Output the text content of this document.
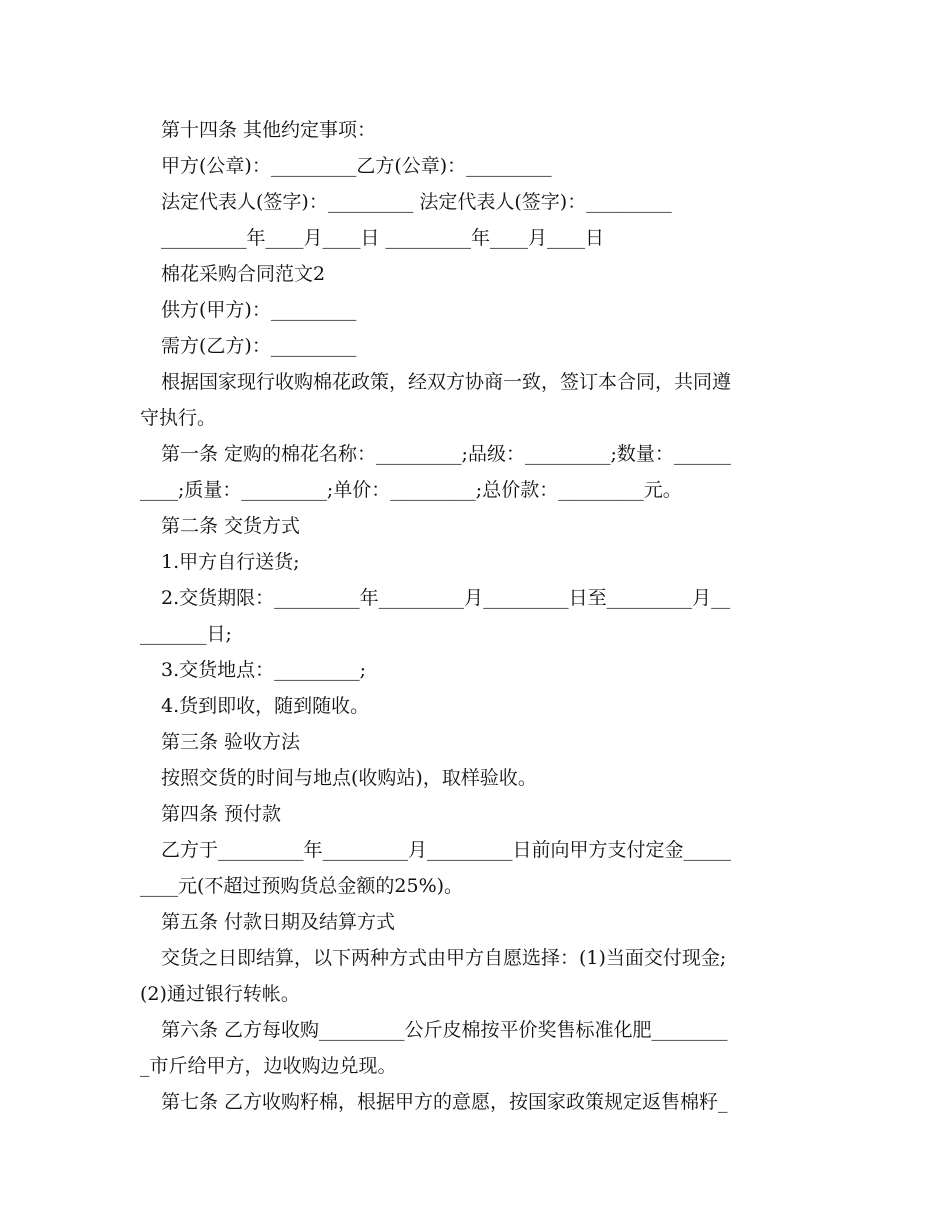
第十四条 其他约定事项：
甲方(公章)：_________乙方(公章)：_________
法定代表人(签字)：_________ 法定代表人(签字)：_________
_________年____月____日 _________年____月____日
棉花采购合同范文2
供方(甲方)：_________
需方(乙方)：_________
根据国家现行收购棉花政策，经双方协商一致，签订本合同，共同遵
守执行。
第一条 定购的棉花名称：_________;品级：_________;数量：______
____;质量：_________;单价：_________;总价款：_________元。
第二条 交货方式
1.甲方自行送货;
2.交货期限：_________年_________月_________日至_________月__
_______日;
3.交货地点：_________;
4.货到即收，随到随收。
第三条 验收方法
按照交货的时间与地点(收购站)，取样验收。
第四条 预付款
乙方于_________年_________月_________日前向甲方支付定金_____
____元(不超过预购货总金额的25%)。
第五条 付款日期及结算方式
交货之日即结算，以下两种方式由甲方自愿选择：(1)当面交付现金;
(2)通过银行转帐。
第六条 乙方每收购_________公斤皮棉按平价奖售标准化肥________
_市斤给甲方，边收购边兑现。
第七条 乙方收购籽棉，根据甲方的意愿，按国家政策规定返售棉籽_
